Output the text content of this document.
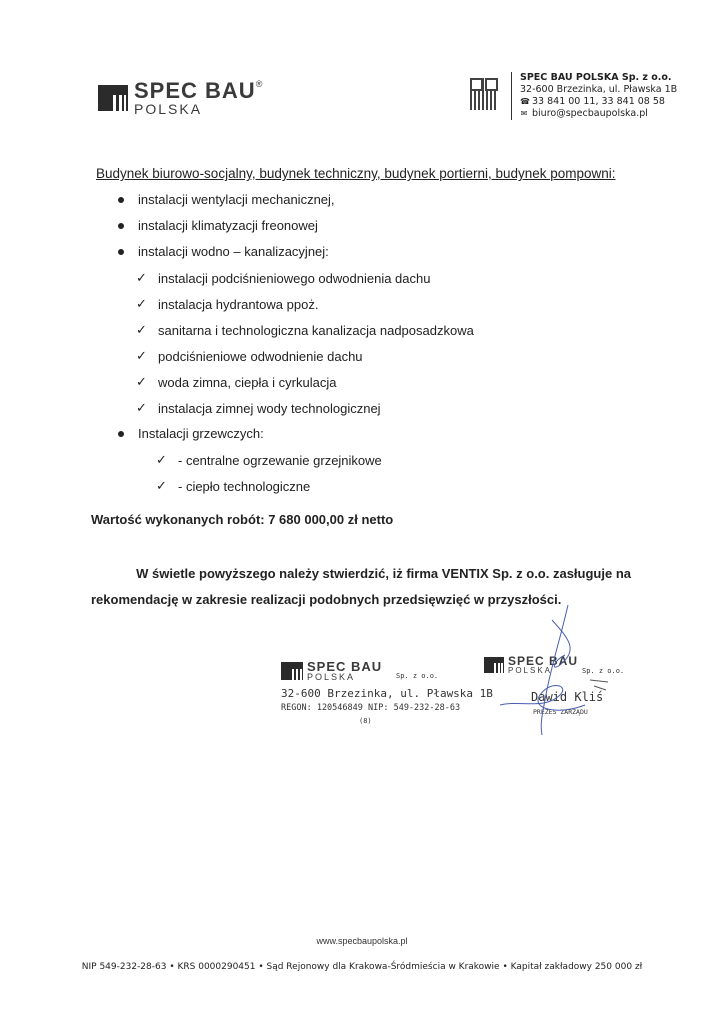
SPEC BAU®
POLSKA
SPEC BAU POLSKA Sp. z o.o.
32-600 Brzezinka, ul. Pławska 1B
☎ 33 841 00 11, 33 841 08 58
✉ biuro@specbaupolska.pl
Budynek biurowo-socjalny, budynek techniczny, budynek portierni, budynek pompowni:
instalacji wentylacji mechanicznej,
instalacji klimatyzacji freonowej
instalacji wodno – kanalizacyjnej:
✓ instalacji podciśnieniowego odwodnienia dachu
✓ instalacja hydrantowa ppoż.
✓ sanitarna i technologiczna kanalizacja nadposadzkowa
✓ podciśnieniowe odwodnienie dachu
✓ woda zimna, ciepła i cyrkulacja
✓ instalacja zimnej wody technologicznej
Instalacji grzewczych:
✓ - centralne ogrzewanie grzejnikowe
✓ - ciepło technologiczne
Wartość wykonanych robót: 7 680 000,00 zł netto
W świetle powyższego należy stwierdzić, iż firma VENTIX Sp. z o.o. zasługuje na
rekomendację w zakresie realizacji podobnych przedsięwzięć w przyszłości.
SPEC BAU
POLSKA	Sp. z o.o.
32-600 Brzezinka, ul. Pławska 1B
REGON: 120546849 NIP: 549-232-28-63
(8)
SPEC BAU
POLSKA	Sp. z o.o.
Dawid Kliś
PREZES ZARZĄDU
www.specbaupolska.pl
NIP 549-232-28-63 • KRS 0000290451 • Sąd Rejonowy dla Krakowa-Śródmieścia w Krakowie • Kapitał zakładowy 250 000 zł
